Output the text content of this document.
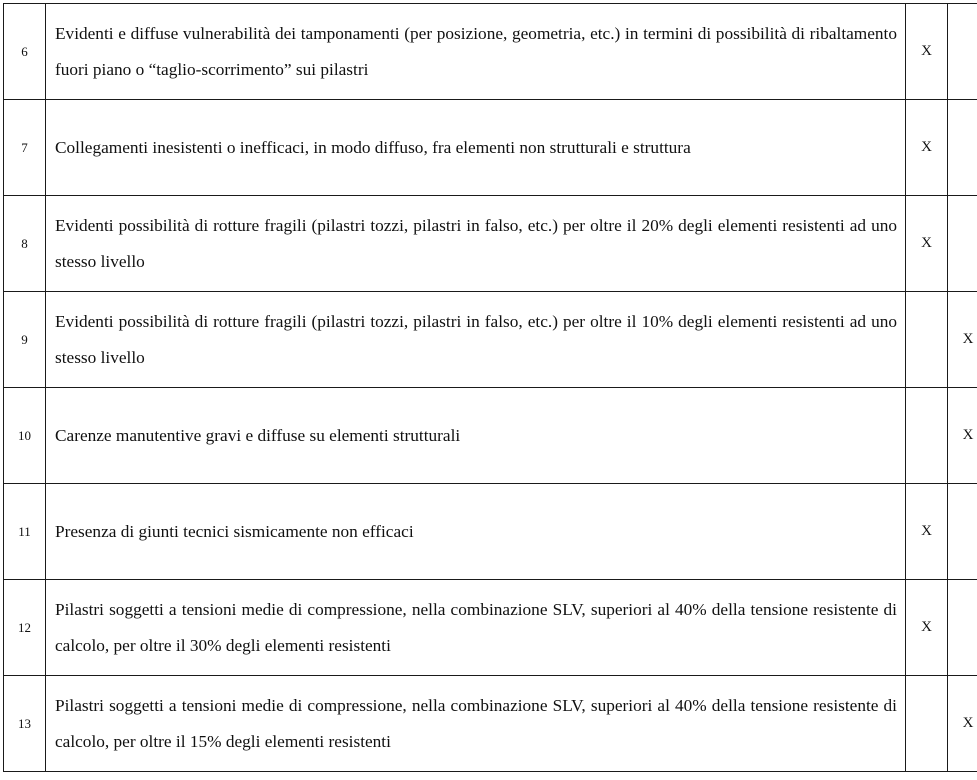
6	Evidenti e diffuse vulnerabilità dei tamponamenti (per posizione, geometria, etc.) in termini di possibilità di ribaltamento fuori piano o “taglio-scorrimento” sui pilastri	X	
7	Collegamenti inesistenti o inefficaci, in modo diffuso, fra elementi non strutturali e struttura	X	
8	Evidenti possibilità di rotture fragili (pilastri tozzi, pilastri in falso, etc.) per oltre il 20% degli elementi resistenti ad uno stesso livello	X	
9	Evidenti possibilità di rotture fragili (pilastri tozzi, pilastri in falso, etc.) per oltre il 10% degli elementi resistenti ad uno stesso livello		X
10	Carenze manutentive gravi e diffuse su elementi strutturali		X
11	Presenza di giunti tecnici sismicamente non efficaci	X	
12	Pilastri soggetti a tensioni medie di compressione, nella combinazione SLV, superiori al 40% della tensione resistente di calcolo, per oltre il 30% degli elementi resistenti	X	
13	Pilastri soggetti a tensioni medie di compressione, nella combinazione SLV, superiori al 40% della tensione resistente di calcolo, per oltre il 15% degli elementi resistenti		X
